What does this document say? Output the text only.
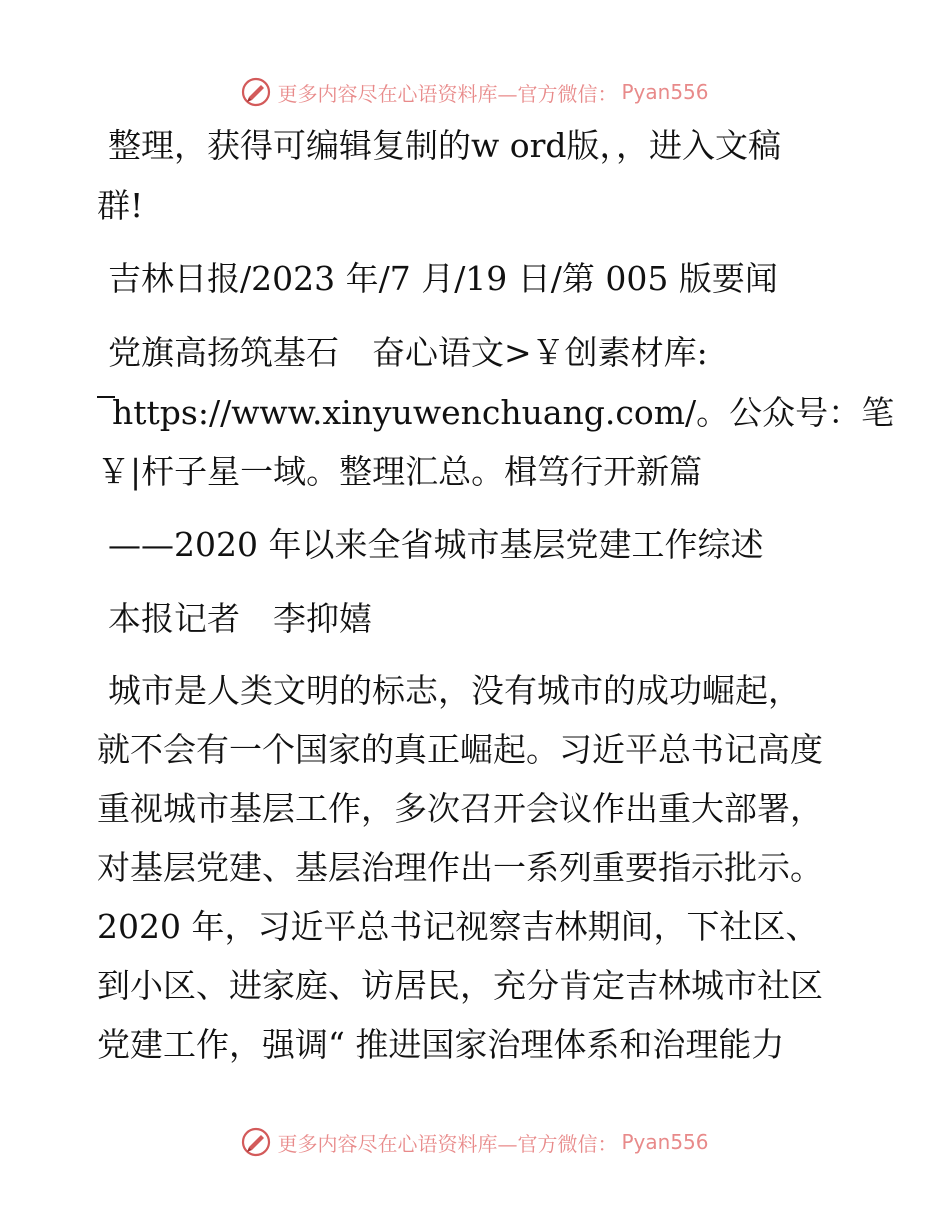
更多内容尽在心语资料库—官方微信： Pyan556
整理，获得可编辑复制的w ord版，，进入文稿
群!
吉林日报/2023 年/7 月/19 日/第 005 版要闻
党旗高扬筑基石　奋心语文>￥创素材库:
https://www.xinyuwenchuang.com/。公众号：笔
￥|杆子星一域。整理汇总。楫笃行开新篇
——2020 年以来全省城市基层党建工作综述
本报记者　李抑嬉
城市是人类文明的标志，没有城市的成功崛起，
就不会有一个国家的真正崛起。习近平总书记高度
重视城市基层工作，多次召开会议作出重大部署，
对基层党建、基层治理作出一系列重要指示批示。
2020 年，习近平总书记视察吉林期间，下社区、
到小区、进家庭、访居民，充分肯定吉林城市社区
党建工作，强调“ 推进国家治理体系和治理能力
更多内容尽在心语资料库—官方微信： Pyan556
